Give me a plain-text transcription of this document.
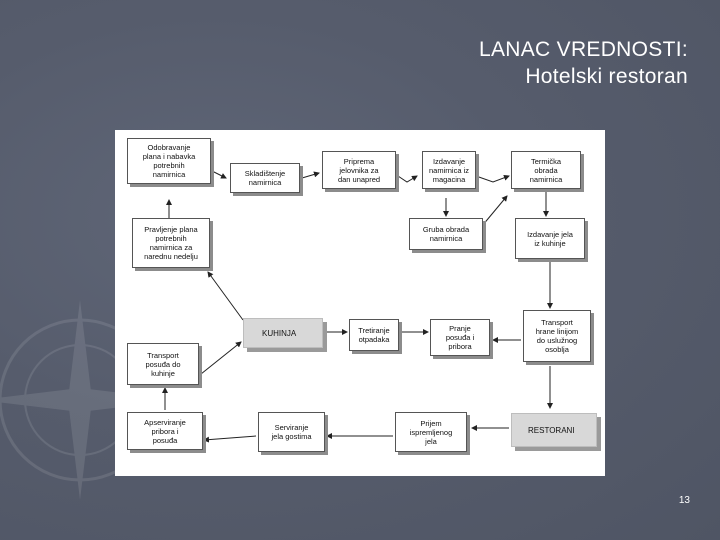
LANAC VREDNOSTI:
Hotelski restoran
Odobravanje
plana i nabavka
potrebnih
namirnica	Skladištenje
namirnica
Priprema
jelovnika za
dan unapred
Izdavanje
namirnica iz
magacina
Termička
obrada
namirnica
Pravljenje plana
potrebnih
namirnica za
narednu nedelju
Gruba obrada
namirnica	Izdavanje jela
iz kuhinje
KUHINJA	Tretiranje
otpadaka
Pranje
posuđa i
pribora
Transport
hrane linijom
do uslužnog
osoblja
Transport
posuđa do
kuhinje
Apserviranje
pribora i
posuđa
Serviranje
jela gostima
Prijem
ispremljenog
jela
RESTORANI
13
